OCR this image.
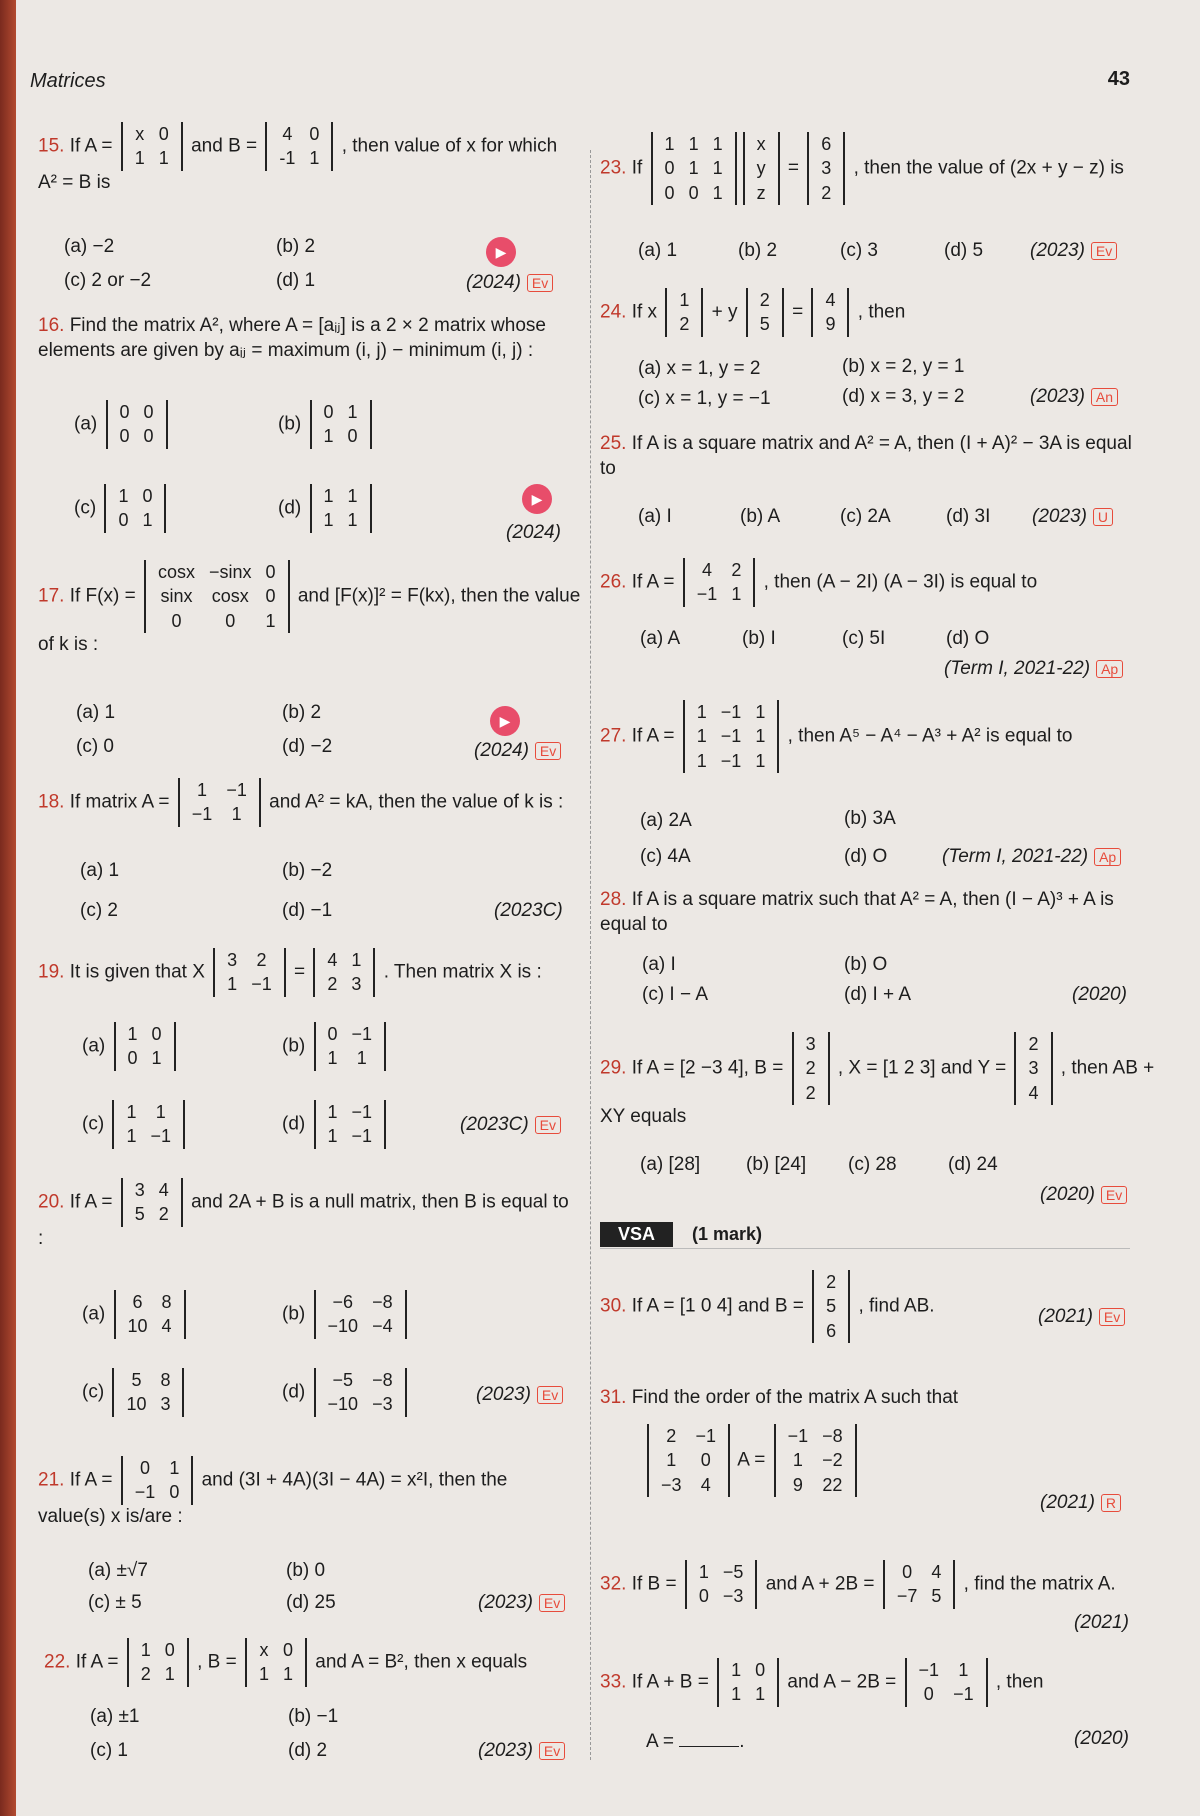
Matrices	43
15. If A =
x	0
1	1
and B =
4	0
-1	1
, then value of x for which A² = B is
(a) −2	(b) 2
(c) 2 or −2	(d) 1
▶
(2024) Ev
16. Find the matrix A², where A = [aᵢⱼ] is a 2 × 2 matrix whose elements are given by aᵢⱼ = maximum (i, j) − minimum (i, j) :
(a)
0	0
0	0
(b)
0	1
1	0
(c)
1	0
0	1
(d)
1	1
1	1
▶
(2024)
17. If F(x) =
cosx	−sinx	0
sinx	cosx	0
0	0	1
and [F(x)]² = F(kx), then the value of k is :
(a) 1	(b) 2
(c) 0	(d) −2
▶
(2024) Ev
18. If matrix A =
1	−1
−1	1
and A² = kA, then the value of k is :
(a) 1	(b) −2
(c) 2	(d) −1	(2023C)
19. It is given that X
3	2
1	−1
=
4	1
2	3
. Then matrix X is :
(a)
1	0
0	1
(b)
0	−1
1	1
(c)
1	1
1	−1
(d)
1	−1
1	−1
(2023C) Ev
20. If A =
3	4
5	2
and 2A + B is a null matrix, then B is equal to :
(a)
6	8
10	4
(b)
−6	−8
−10	−4
(c)
5	8
10	3
(d)
−5	−8
−10	−3	(2023) Ev
21. If A =
0	1
−1	0
and (3I + 4A)(3I − 4A) = x²I, then the value(s) x is/are :
(a) ±√7	(b) 0
(c) ± 5	(d) 25	(2023) Ev
22. If A =
1	0
2	1
, B =
x	0
1	1
and A = B², then x equals
(a) ±1	(b) −1
(c) 1	(d) 2	(2023) Ev
23. If
1	1	1
0	1	1
0	0	1
x
y
z
=
6
3
2
, then the value of (2x + y − z) is
(a) 1	(b) 2	(c) 3	(d) 5 (2023) Ev
24. If x
1
2
+ y
2
5
=
4
9
, then
(a) x = 1, y = 2	(b) x = 2, y = 1
(c) x = 1, y = −1	(d) x = 3, y = 2	(2023) An
25. If A is a square matrix and A² = A, then (I + A)² − 3A is equal to
(a) I	(b) A	(c) 2A	(d) 3I (2023) U
26. If A =
4	2
−1	1
, then (A − 2I) (A − 3I) is equal to
(a) A	(b) I	(c) 5I	(d) O
(Term I, 2021-22) Ap
27. If A =
1	−1	1
1	−1	1
1	−1	1
, then A⁵ − A⁴ − A³ + A² is equal to
(a) 2A	(b) 3A
(c) 4A	(d) O	(Term I, 2021-22) Ap
28. If A is a square matrix such that A² = A, then (I − A)³ + A is equal to
(a) I	(b) O
(c) I − A	(d) I + A	(2020)
29. If A = [2 −3 4], B =
3
2
2
, X = [1 2 3] and Y =
2
3
4
, then AB + XY equals
(a) [28] (b) [24] (c) 28	(d) 24
(2020) Ev
VSA	(1 mark)
30. If A = [1 0 4] and B =
2
5
6
, find AB.
(2021) Ev
31. Find the order of the matrix A such that
2	−1
1	0
−3	4
A =
−1	−8
1	−2
9	22
(2021) R
32. If B =
1	−5
0	−3
and A + 2B =
0	4
−7	5
, find the matrix A.
(2021)
33. If A + B =
1	0
1	1
and A − 2B =
−1	1
0	−1
, then
A =	.	(2020)
